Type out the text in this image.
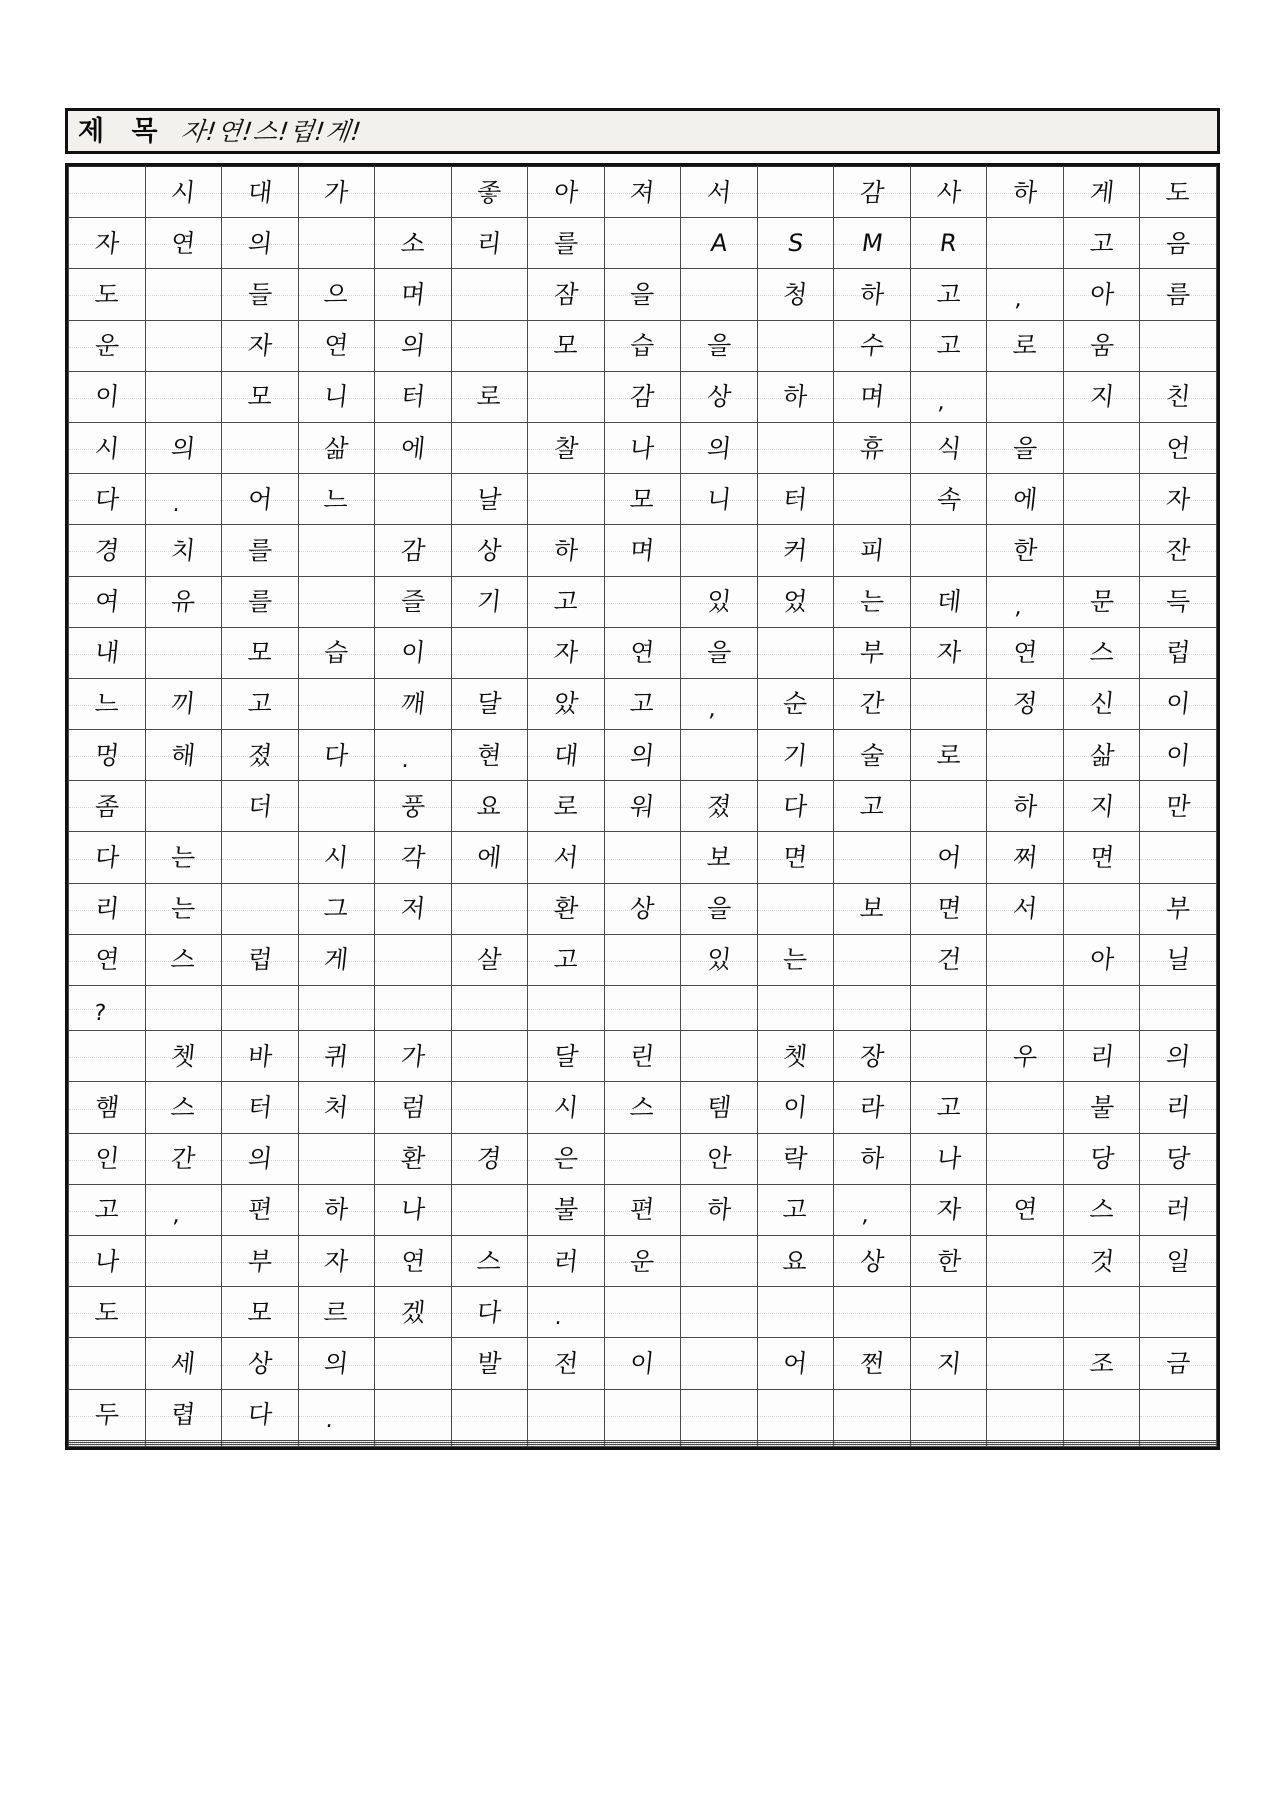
제 목 자!연!스!럽!게!
	시	대	가		좋	아	져	서		감	사	하	게	도
자	연	의		소	리	를		A	S	M	R		고	음
도		들	으	며		잠	을		청	하	고	,	아	름
운		자	연	의		모	습	을		수	고	로	움	
이		모	니	터	로		감	상	하	며	,		지	친
시	의		삶	에		찰	나	의		휴	식	을		언
다	.	어	느		날		모	니	터		속	에		자
경	치	를		감	상	하	며		커	피		한		잔
여	유	를		즐	기	고		있	었	는	데	,	문	득
내		모	습	이		자	연	을		부	자	연	스	럽
느	끼	고		깨	달	았	고	,	순	간		정	신	이
멍	해	졌	다	.	현	대	의		기	술	로		삶	이
좀		더		풍	요	로	워	졌	다	고		하	지	만
다	는		시	각	에	서		보	면		어	쩌	면	
리	는		그	저		환	상	을		보	면	서		부
연	스	럽	게		살	고		있	는		건		아	닐
?														
	쳇	바	퀴	가		달	린		쳇	장		우	리	의
햄	스	터	처	럼		시	스	템	이	라	고		불	리
인	간	의		환	경	은		안	락	하	나		당	당
고	,	편	하	나		불	편	하	고	,	자	연	스	러
나		부	자	연	스	러	운		요	상	한		것	일
도		모	르	겠	다	.								
	세	상	의		발	전	이		어	쩐	지		조	금
두	렵	다	.											
